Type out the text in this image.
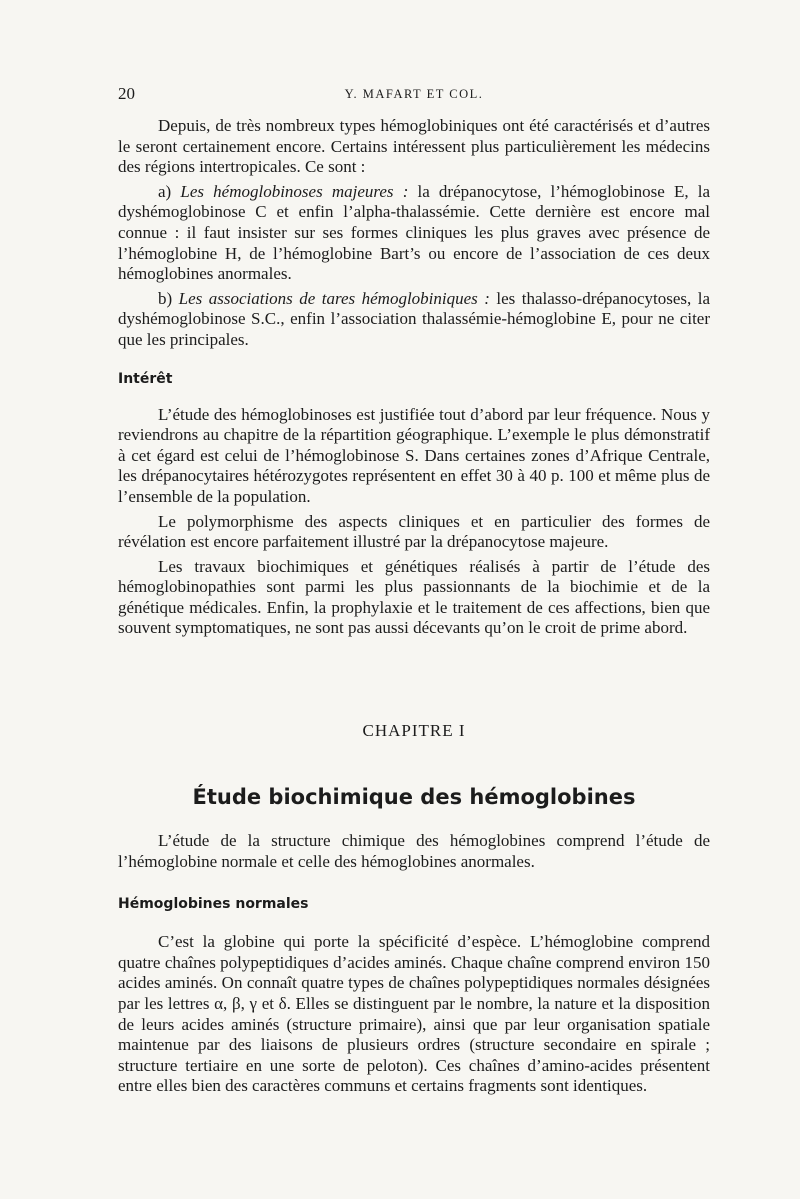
20	Y. MAFART ET COL.

Depuis, de très nombreux types hémoglobiniques ont été caractérisés et d’autres le seront certainement encore. Certains intéressent plus particulièrement les médecins des régions intertropicales. Ce sont :

a) Les hémoglobinoses majeures : la drépanocytose, l’hémoglobinose E, la dyshémoglobinose C et enfin l’alpha-thalassémie. Cette dernière est encore mal connue : il faut insister sur ses formes cliniques les plus graves avec présence de l’hémoglobine H, de l’hémoglobine Bart’s ou encore de l’association de ces deux hémoglobines anormales.

b) Les associations de tares hémoglobiniques : les thalasso-drépanocytoses, la dyshémoglobinose S.C., enfin l’association thalassémie-hémoglobine E, pour ne citer que les principales.

Intérêt

L’étude des hémoglobinoses est justifiée tout d’abord par leur fréquence. Nous y reviendrons au chapitre de la répartition géographique. L’exemple le plus démonstratif à cet égard est celui de l’hémoglobinose S. Dans certaines zones d’Afrique Centrale, les drépanocytaires hétérozygotes représentent en effet 30 à 40 p. 100 et même plus de l’ensemble de la population.

Le polymorphisme des aspects cliniques et en particulier des formes de révélation est encore parfaitement illustré par la drépanocytose majeure.

Les travaux biochimiques et génétiques réalisés à partir de l’étude des hémoglobinopathies sont parmi les plus passionnants de la biochimie et de la génétique médicales. Enfin, la prophylaxie et le traitement de ces affections, bien que souvent symptomatiques, ne sont pas aussi décevants qu’on le croit de prime abord.

CHAPITRE I
Étude biochimique des hémoglobines

L’étude de la structure chimique des hémoglobines comprend l’étude de l’hémoglobine normale et celle des hémoglobines anormales.

Hémoglobines normales

C’est la globine qui porte la spécificité d’espèce. L’hémoglobine comprend quatre chaînes polypeptidiques d’acides aminés. Chaque chaîne comprend environ 150 acides aminés. On connaît quatre types de chaînes polypeptidiques normales désignées par les lettres α, β, γ et δ. Elles se distinguent par le nombre, la nature et la disposition de leurs acides aminés (structure primaire), ainsi que par leur organisation spatiale maintenue par des liaisons de plusieurs ordres (structure secondaire en spirale ; structure tertiaire en une sorte de peloton). Ces chaînes d’amino-acides présentent entre elles bien des caractères communs et certains fragments sont identiques.
